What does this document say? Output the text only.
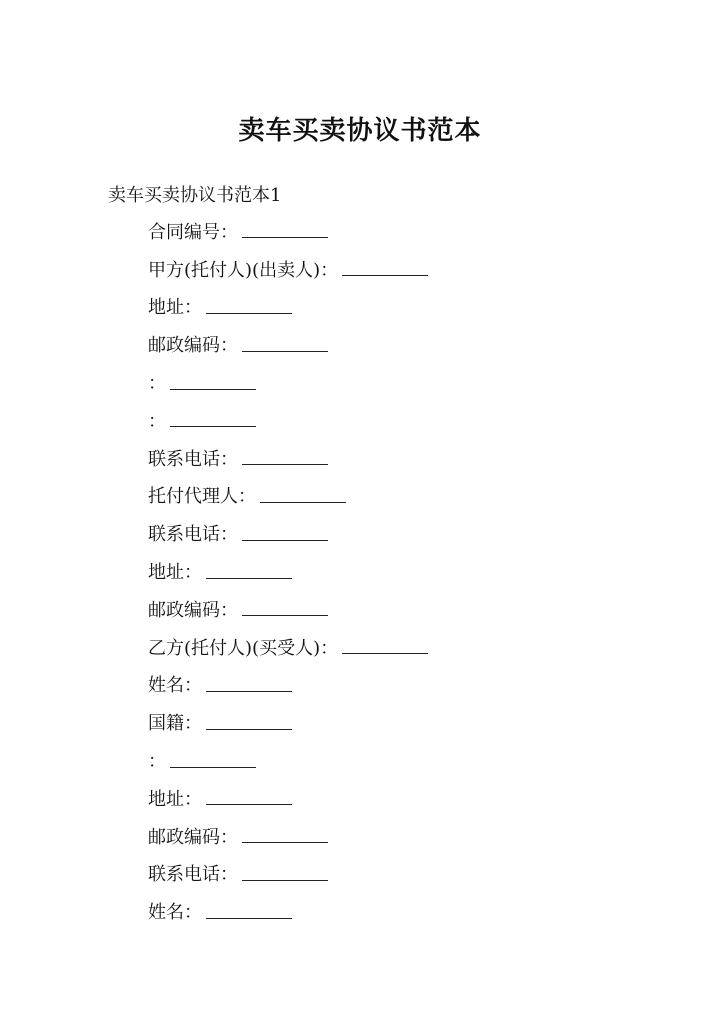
卖车买卖协议书范本
卖车买卖协议书范本1
合同编号：
甲方(托付人)(出卖人)：
地址：
邮政编码：
：
：
联系电话：
托付代理人：
联系电话：
地址：
邮政编码：
乙方(托付人)(买受人)：
姓名：
国籍：
：
地址：
邮政编码：
联系电话：
姓名：
